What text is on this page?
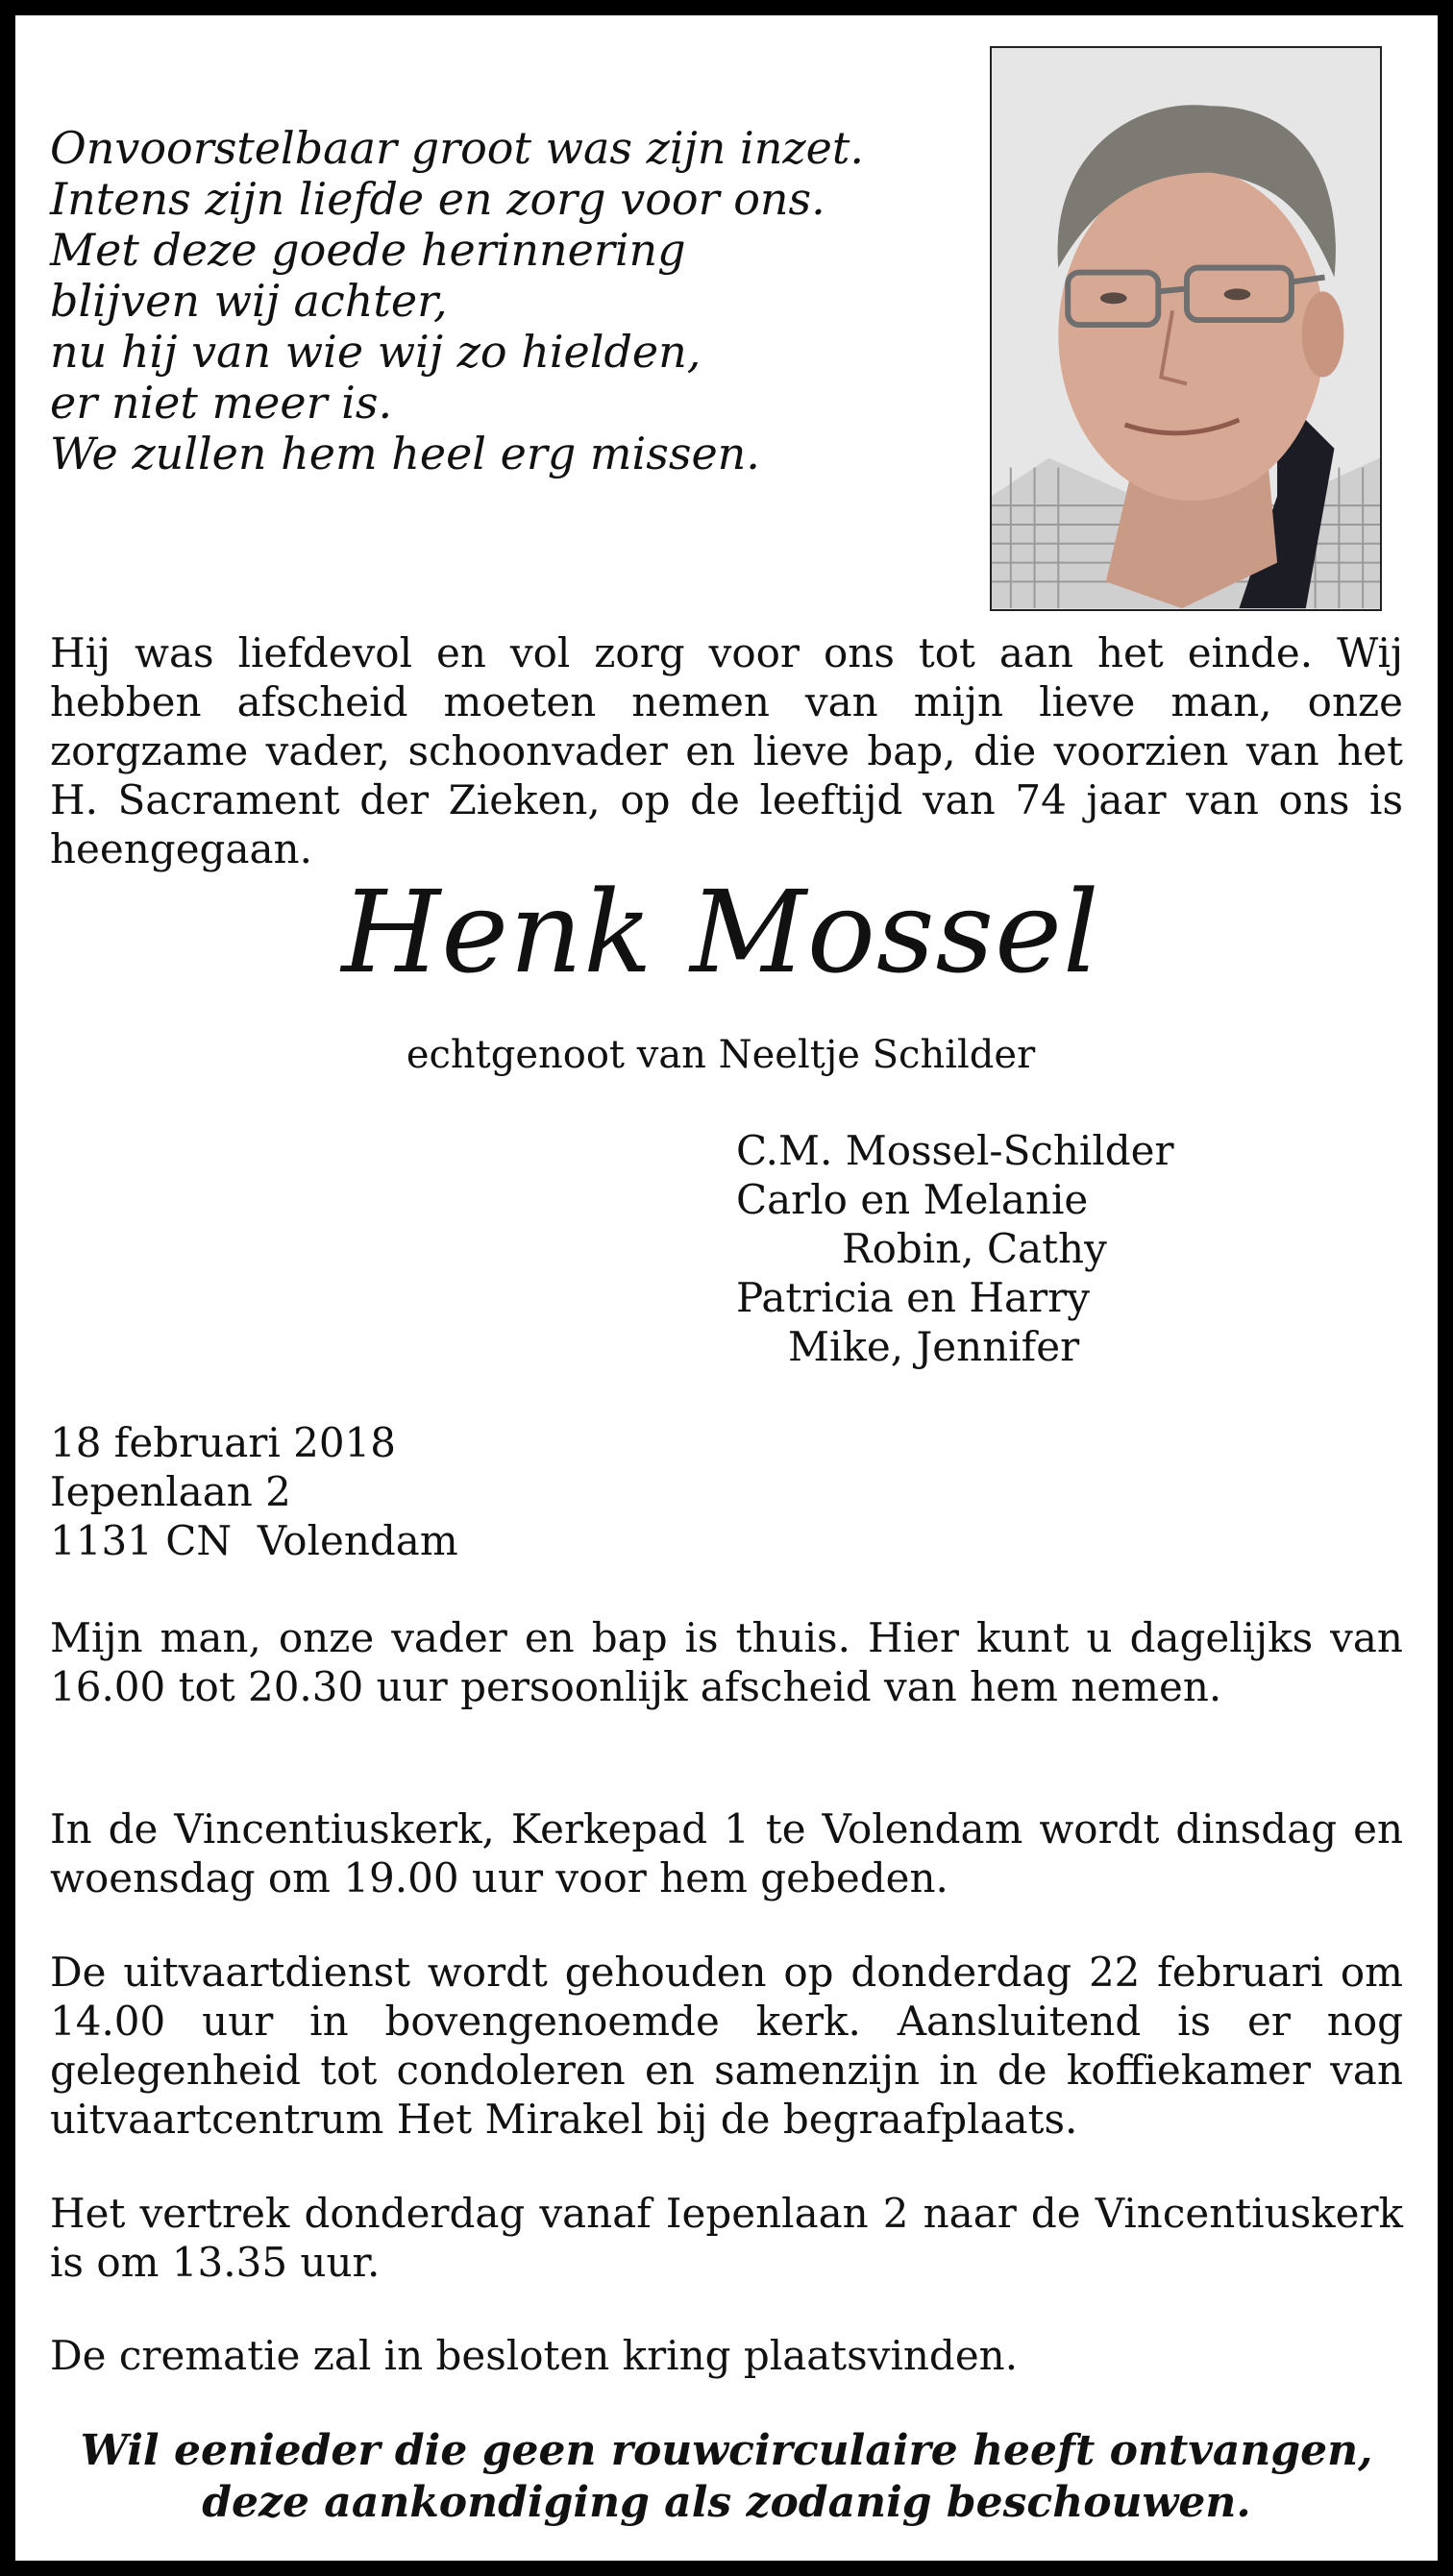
Onvoorstelbaar groot was zijn inzet.
Intens zijn liefde en zorg voor ons.
Met deze goede herinnering
blijven wij achter,
nu hij van wie wij zo hielden,
er niet meer is.
We zullen hem heel erg missen.
Hij was liefdevol en vol zorg voor ons tot aan het einde. Wij hebben afscheid moeten nemen van mijn lieve man, onze zorgzame vader, schoonvader en lieve bap, die voorzien van het H. Sacrament der Zieken, op de leeftijd van 74 jaar van ons is heengegaan.
Henk Mossel
echtgenoot van Neeltje Schilder
C.M. Mossel-Schilder
Carlo en Melanie
Robin, Cathy
Patricia en Harry
Mike, Jennifer
18 februari 2018
Iepenlaan 2
1131 CN  Volendam
Mijn man, onze vader en bap is thuis. Hier kunt u dagelijks van 16.00 tot 20.30 uur persoonlijk afscheid van hem nemen.
In de Vincentiuskerk, Kerkepad 1 te Volendam wordt dinsdag en woensdag om 19.00 uur voor hem gebeden.
De uitvaartdienst wordt gehouden op donderdag 22 februari om 14.00 uur in bovengenoemde kerk. Aansluitend is er nog gelegenheid tot condoleren en samenzijn in de koffiekamer van uitvaartcentrum Het Mirakel bij de begraafplaats.
Het vertrek donderdag vanaf Iepenlaan 2 naar de Vincentiuskerk is om 13.35 uur.
De crematie zal in besloten kring plaatsvinden.
Wil eenieder die geen rouwcirculaire heeft ontvangen,
deze aankondiging als zodanig beschouwen.
